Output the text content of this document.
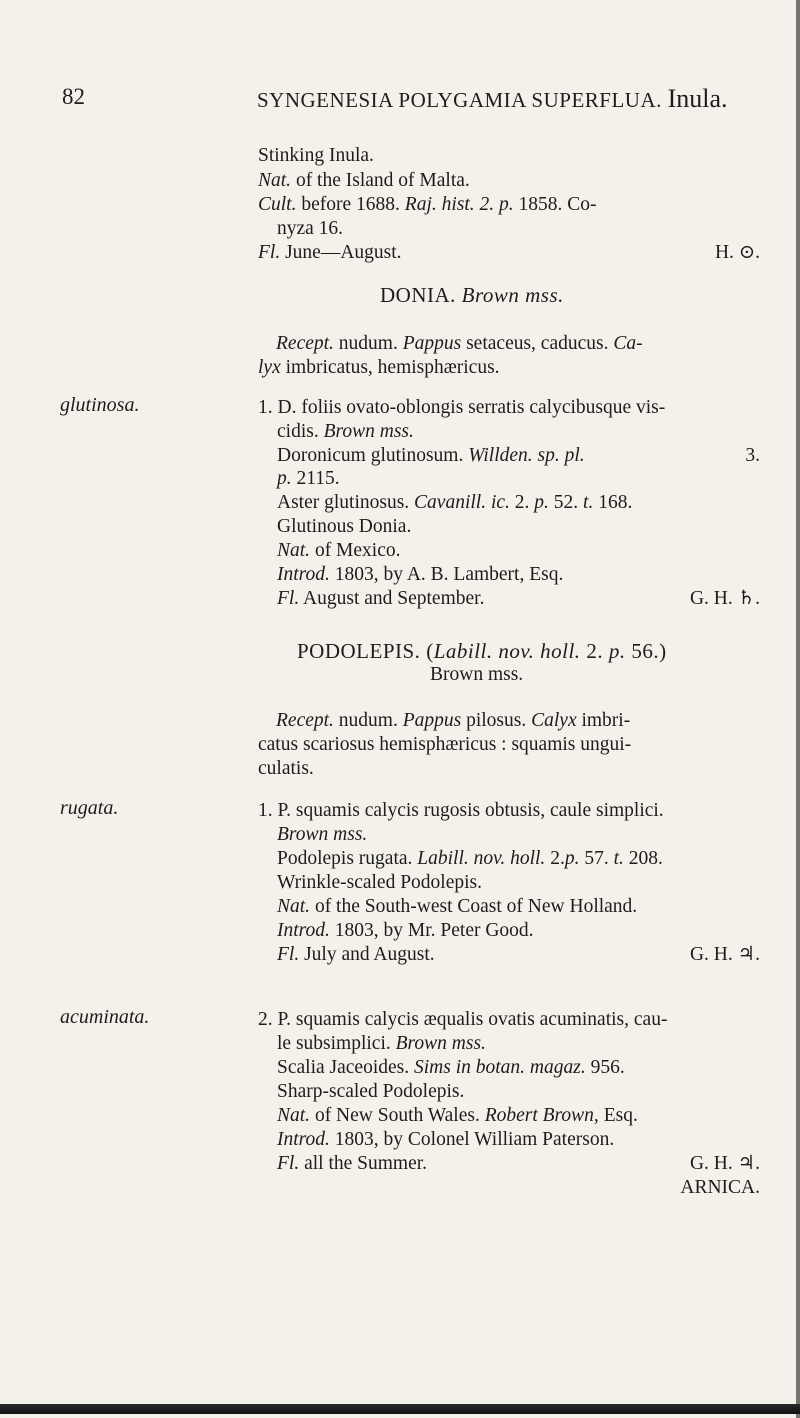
82	SYNGENESIA POLYGAMIA SUPERFLUA. Inula.
Stinking Inula.
Nat. of the Island of Malta.
Cult. before 1688. Raj. hist. 2. p. 1858. Co-
nyza 16.
Fl. June—August.	H. ⊙.
DONIA. Brown mss.
Recept. nudum. Pappus setaceus, caducus. Ca-
lyx imbricatus, hemisphæricus.
glutinosa.	1. D. foliis ovato-oblongis serratis calycibusque vis-
cidis. Brown mss.
Doronicum glutinosum. Willden. sp. pl.	3.
p. 2115.
Aster glutinosus. Cavanill. ic. 2. p. 52. t. 168.
Glutinous Donia.
Nat. of Mexico.
Introd. 1803, by A. B. Lambert, Esq.
Fl. August and September.	G. H. ♄.
PODOLEPIS. (Labill. nov. holl. 2. p. 56.)
Brown mss.
Recept. nudum. Pappus pilosus. Calyx imbri-
catus scariosus hemisphæricus : squamis ungui-
culatis.
rugata.	1. P. squamis calycis rugosis obtusis, caule simplici.
Brown mss.
Podolepis rugata. Labill. nov. holl. 2.p. 57. t. 208.
Wrinkle-scaled Podolepis.
Nat. of the South-west Coast of New Holland.
Introd. 1803, by Mr. Peter Good.
Fl. July and August.	G. H. ♃.
acuminata.	2. P. squamis calycis æqualis ovatis acuminatis, cau-
le subsimplici. Brown mss.
Scalia Jaceoides. Sims in botan. magaz. 956.
Sharp-scaled Podolepis.
Nat. of New South Wales. Robert Brown, Esq.
Introd. 1803, by Colonel William Paterson.
Fl. all the Summer.	G. H. ♃.
ARNICA.
